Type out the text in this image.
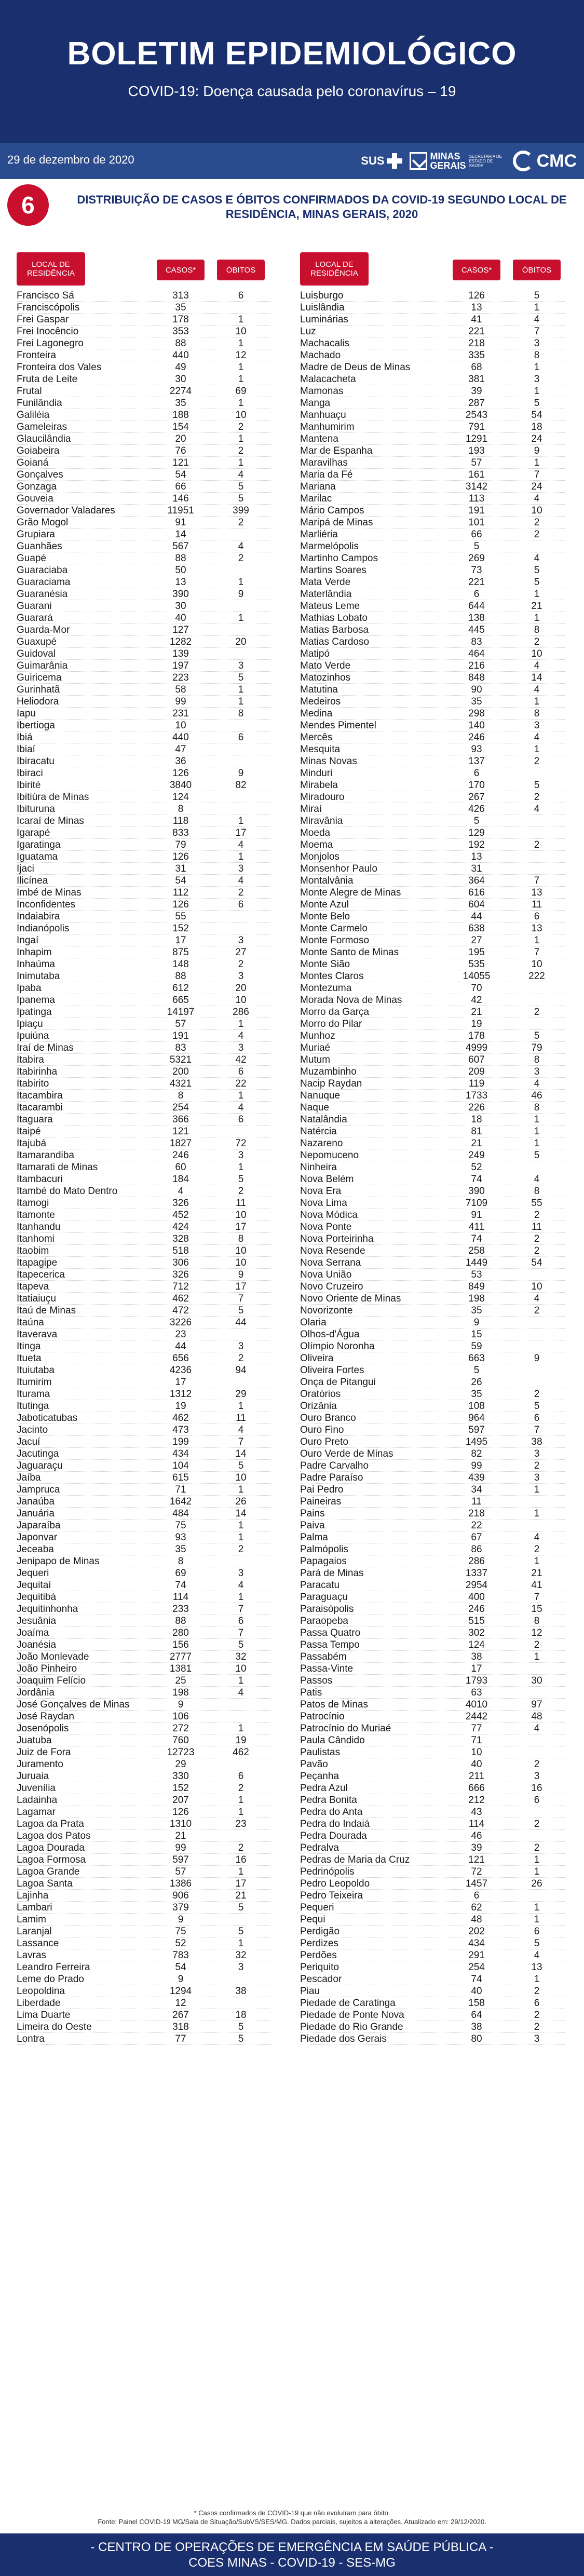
BOLETIM EPIDEMIOLÓGICO
COVID-19: Doença causada pelo coronavírus – 19
29 de dezembro de 2020	SUS	MINAS
GERAIS
SECRETARIA DE ESTADO DE SAÚDE	CMC
6	DISTRIBUIÇÃO DE CASOS E ÓBITOS CONFIRMADOS DA COVID-19 SEGUNDO LOCAL DE
RESIDÊNCIA, MINAS GERAIS, 2020
LOCAL DE RESIDÊNCIA	CASOS*	ÓBITOS
LOCAL DE RESIDÊNCIA	CASOS*	ÓBITOS
Francisco Sá	313	6
Franciscópolis	35
Frei Gaspar	178	1
Frei Inocêncio	353	10
Frei Lagonegro	88	1
Fronteira	440	12
Fronteira dos Vales	49	1
Fruta de Leite	30	1
Frutal	2274	69
Funilândia	35	1
Galiléia	188	10
Gameleiras	154	2
Glaucilândia	20	1
Goiabeira	76	2
Goianá	121	1
Gonçalves	54	4
Gonzaga	66	5
Gouveia	146	5
Governador Valadares	11951	399
Grão Mogol	91	2
Grupiara	14
Guanhães	567	4
Guapé	88	2
Guaraciaba	50
Guaraciama	13	1
Guaranésia	390	9
Guarani	30
Guarará	40	1
Guarda-Mor	127
Guaxupé	1282	20
Guidoval	139
Guimarânia	197	3
Guiricema	223	5
Gurinhatã	58	1
Heliodora	99	1
Iapu	231	8
Ibertioga	10
Ibiá	440	6
Ibiaí	47
Ibiracatu	36
Ibiraci	126	9
Ibirité	3840	82
Ibitiúra de Minas	124
Ibituruna	8
Icaraí de Minas	118	1
Igarapé	833	17
Igaratinga	79	4
Iguatama	126	1
Ijaci	31	3
Ilicínea	54	4
Imbé de Minas	112	2
Inconfidentes	126	6
Indaiabira	55
Indianópolis	152
Ingaí	17	3
Inhapim	875	27
Inhaúma	148	2
Inimutaba	88	3
Ipaba	612	20
Ipanema	665	10
Ipatinga	14197	286
Ipiaçu	57	1
Ipuiúna	191	4
Iraí de Minas	83	3
Itabira	5321	42
Itabirinha	200	6
Itabirito	4321	22
Itacambira	8	1
Itacarambi	254	4
Itaguara	366	6
Itaipé	121
Itajubá	1827	72
Itamarandiba	246	3
Itamarati de Minas	60	1
Itambacuri	184	5
Itambé do Mato Dentro	4	2
Itamogi	326	11
Itamonte	452	10
Itanhandu	424	17
Itanhomi	328	8
Itaobim	518	10
Itapagipe	306	10
Itapecerica	326	9
Itapeva	712	17
Itatiaiuçu	462	7
Itaú de Minas	472	5
Itaúna	3226	44
Itaverava	23
Itinga	44	3
Itueta	656	2
Ituiutaba	4236	94
Itumirim	17
Iturama	1312	29
Itutinga	19	1
Jaboticatubas	462	11
Jacinto	473	4
Jacuí	199	7
Jacutinga	434	14
Jaguaraçu	104	5
Jaíba	615	10
Jampruca	71	1
Janaúba	1642	26
Januária	484	14
Japaraíba	75	1
Japonvar	93	1
Jeceaba	35	2
Jenipapo de Minas	8
Jequeri	69	3
Jequitaí	74	4
Jequitibá	114	1
Jequitinhonha	233	7
Jesuânia	88	6
Joaíma	280	7
Joanésia	156	5
João Monlevade	2777	32
João Pinheiro	1381	10
Joaquim Felício	25	1
Jordânia	198	4
José Gonçalves de Minas	9
José Raydan	106
Josenópolis	272	1
Juatuba	760	19
Juiz de Fora	12723	462
Juramento	29
Juruaia	330	6
Juvenília	152	2
Ladainha	207	1
Lagamar	126	1
Lagoa da Prata	1310	23
Lagoa dos Patos	21
Lagoa Dourada	99	2
Lagoa Formosa	597	16
Lagoa Grande	57	1
Lagoa Santa	1386	17
Lajinha	906	21
Lambari	379	5
Lamim	9
Laranjal	75	5
Lassance	52	1
Lavras	783	32
Leandro Ferreira	54	3
Leme do Prado	9
Leopoldina	1294	38
Liberdade	12
Lima Duarte	267	18
Limeira do Oeste	318	5
Lontra	77	5
Luisburgo	126	5
Luislândia	13	1
Luminárias	41	4
Luz	221	7
Machacalis	218	3
Machado	335	8
Madre de Deus de Minas	68	1
Malacacheta	381	3
Mamonas	39	1
Manga	287	5
Manhuaçu	2543	54
Manhumirim	791	18
Mantena	1291	24
Mar de Espanha	193	9
Maravilhas	57	1
Maria da Fé	161	7
Mariana	3142	24
Marilac	113	4
Mário Campos	191	10
Maripá de Minas	101	2
Marliéria	66	2
Marmelópolis	5
Martinho Campos	269	4
Martins Soares	73	5
Mata Verde	221	5
Materlândia	6	1
Mateus Leme	644	21
Mathias Lobato	138	1
Matias Barbosa	445	8
Matias Cardoso	83	2
Matipó	464	10
Mato Verde	216	4
Matozinhos	848	14
Matutina	90	4
Medeiros	35	1
Medina	298	8
Mendes Pimentel	140	3
Mercês	246	4
Mesquita	93	1
Minas Novas	137	2
Minduri	6
Mirabela	170	5
Miradouro	267	2
Miraí	426	4
Miravânia	5
Moeda	129
Moema	192	2
Monjolos	13
Monsenhor Paulo	31
Montalvânia	364	7
Monte Alegre de Minas	616	13
Monte Azul	604	11
Monte Belo	44	6
Monte Carmelo	638	13
Monte Formoso	27	1
Monte Santo de Minas	195	7
Monte Sião	535	10
Montes Claros	14055	222
Montezuma	70
Morada Nova de Minas	42
Morro da Garça	21	2
Morro do Pilar	19
Munhoz	178	5
Muriaé	4999	79
Mutum	607	8
Muzambinho	209	3
Nacip Raydan	119	4
Nanuque	1733	46
Naque	226	8
Natalândia	18	1
Natércia	81	1
Nazareno	21	1
Nepomuceno	249	5
Ninheira	52
Nova Belém	74	4
Nova Era	390	8
Nova Lima	7109	55
Nova Módica	91	2
Nova Ponte	411	11
Nova Porteirinha	74	2
Nova Resende	258	2
Nova Serrana	1449	54
Nova União	53
Novo Cruzeiro	849	10
Novo Oriente de Minas	198	4
Novorizonte	35	2
Olaria	9
Olhos-d'Água	15
Olímpio Noronha	59
Oliveira	663	9
Oliveira Fortes	5
Onça de Pitangui	26
Oratórios	35	2
Orizânia	108	5
Ouro Branco	964	6
Ouro Fino	597	7
Ouro Preto	1495	38
Ouro Verde de Minas	82	3
Padre Carvalho	99	2
Padre Paraíso	439	3
Pai Pedro	34	1
Paineiras	11
Pains	218	1
Paiva	22
Palma	67	4
Palmópolis	86	2
Papagaios	286	1
Pará de Minas	1337	21
Paracatu	2954	41
Paraguaçu	400	7
Paraisópolis	246	15
Paraopeba	515	8
Passa Quatro	302	12
Passa Tempo	124	2
Passabém	38	1
Passa-Vinte	17
Passos	1793	30
Patis	63
Patos de Minas	4010	97
Patrocínio	2442	48
Patrocínio do Muriaé	77	4
Paula Cândido	71
Paulistas	10
Pavão	40	2
Peçanha	211	3
Pedra Azul	666	16
Pedra Bonita	212	6
Pedra do Anta	43
Pedra do Indaiá	114	2
Pedra Dourada	46
Pedralva	39	2
Pedras de Maria da Cruz	121	1
Pedrinópolis	72	1
Pedro Leopoldo	1457	26
Pedro Teixeira	6
Pequeri	62	1
Pequi	48	1
Perdigão	202	6
Perdizes	434	5
Perdões	291	4
Periquito	254	13
Pescador	74	1
Piau	40	2
Piedade de Caratinga	158	6
Piedade de Ponte Nova	64	2
Piedade do Rio Grande	38	2
Piedade dos Gerais	80	3
* Casos confirmados de COVID-19 que não evoluíram para óbito.
Fonte: Painel COVID-19 MG/Sala de Situação/SubVS/SES/MG. Dados parciais, sujeitos a alterações. Atualizado em: 29/12/2020.
- CENTRO DE OPERAÇÕES DE EMERGÊNCIA EM SAÚDE PÚBLICA -
COES MINAS - COVID-19 - SES-MG
